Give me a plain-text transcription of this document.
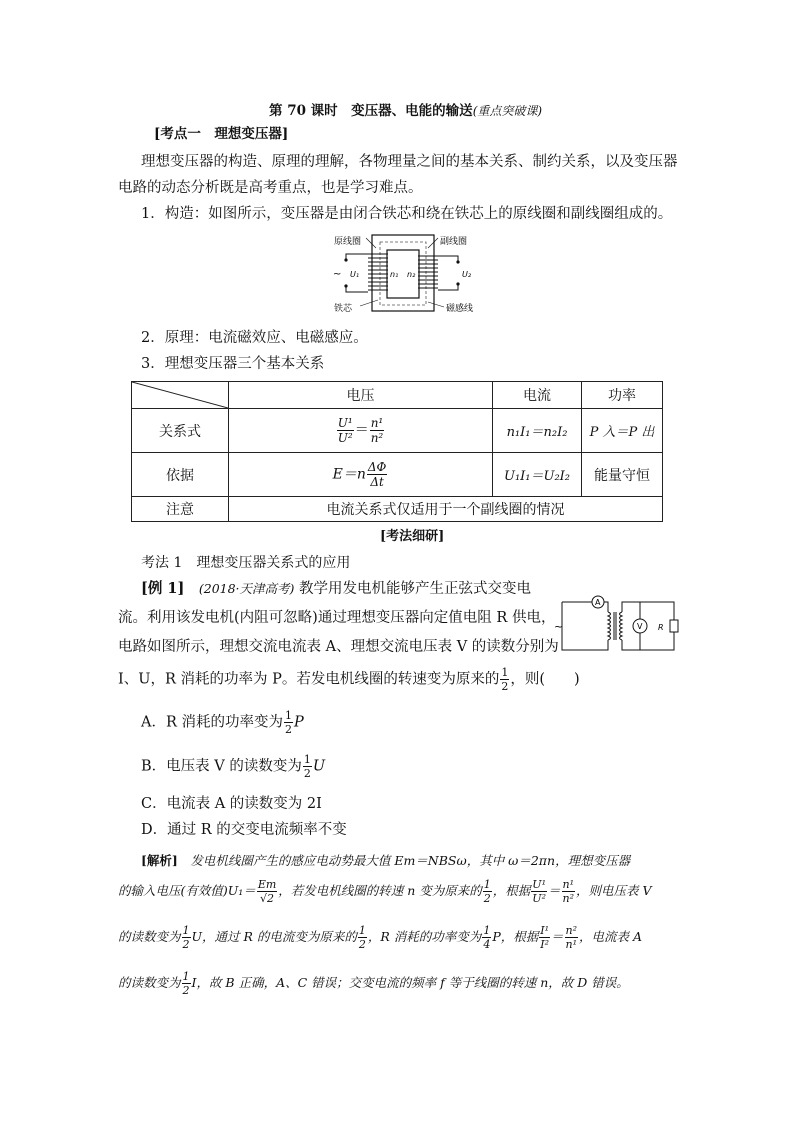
第 70 课时　变压器、电能的输送(重点突破课)
[考点一　理想变压器]
理想变压器的构造、原理的理解，各物理量之间的基本关系、制约关系，以及变压器
电路的动态分析既是高考重点，也是学习难点。
1．构造：如图所示，变压器是由闭合铁芯和绕在铁芯上的原线圈和副线圈组成的。
原线圈	副线圈
铁芯	磁感线
n₁ n₂
~ U₁	U₂
2．原理：电流磁效应、电磁感应。
3．理想变压器三个基本关系
	电压	电流	功率
关系式	$\frac{\text{U¹}}{\text{U²}} = \frac{\text{n¹}}{\text{n²}}$	n₁I₁＝n₂I₂	P 入＝P 出
依据	$E=n \frac{\Delta\Phi}{\Delta t}$	U₁I₁＝U₂I₂	能量守恒
注意	电流关系式仅适用于一个副线圈的情况		
[考法细研]
考法 1　理想变压器关系式的应用
[例 1]　 (2018·天津高考) 教学用发电机能够产生正弦式交变电
流。利用该发电机(内阻可忽略)通过理想变压器向定值电阻 R 供电，
电路如图所示，理想交流电流表 A、理想交流电压表 V 的读数分别为
I、U，R 消耗的功率为 P。若发电机线圈的转速变为原来的 $\frac{1}{2}$ ，则(　　)
~
A
V R
A．R 消耗的功率变为 $\frac{1}{2}$ P
B．电压表 V 的读数变为 $\frac{1}{2}$ U
C．电流表 A 的读数变为 2I
D．通过 R 的交变电流频率不变
[解析]　 发电机线圈产生的感应电动势最大值 Em＝NBSω，其中 ω＝2πn，理想变压器
的输入电压(有效值)$U_1= \frac{Em}{√2}$ ，若发电机线圈的转速 n 变为原来的 $\frac{1}{2}$ ，根据 $\frac{\text{U¹}}{\text{U²}} = \frac{\text{n¹}}{\text{n²}}$ ，则电压表 V
的读数变为 $\frac{1}{2}$ U，通过 R 的电流变为原来的 $\frac{1}{2}$ ，R 消耗的功率变为 $\frac{1}{4}$ P，根据 $\frac{\text{I¹}}{\text{I²}} = \frac{\text{n²}}{\text{n¹}}$ ，电流表 A
的读数变为 $\frac{1}{2}$ I，故 B 正确，A、C 错误；交变电流的频率 f 等于线圈的转速 n，故 D 错误。
